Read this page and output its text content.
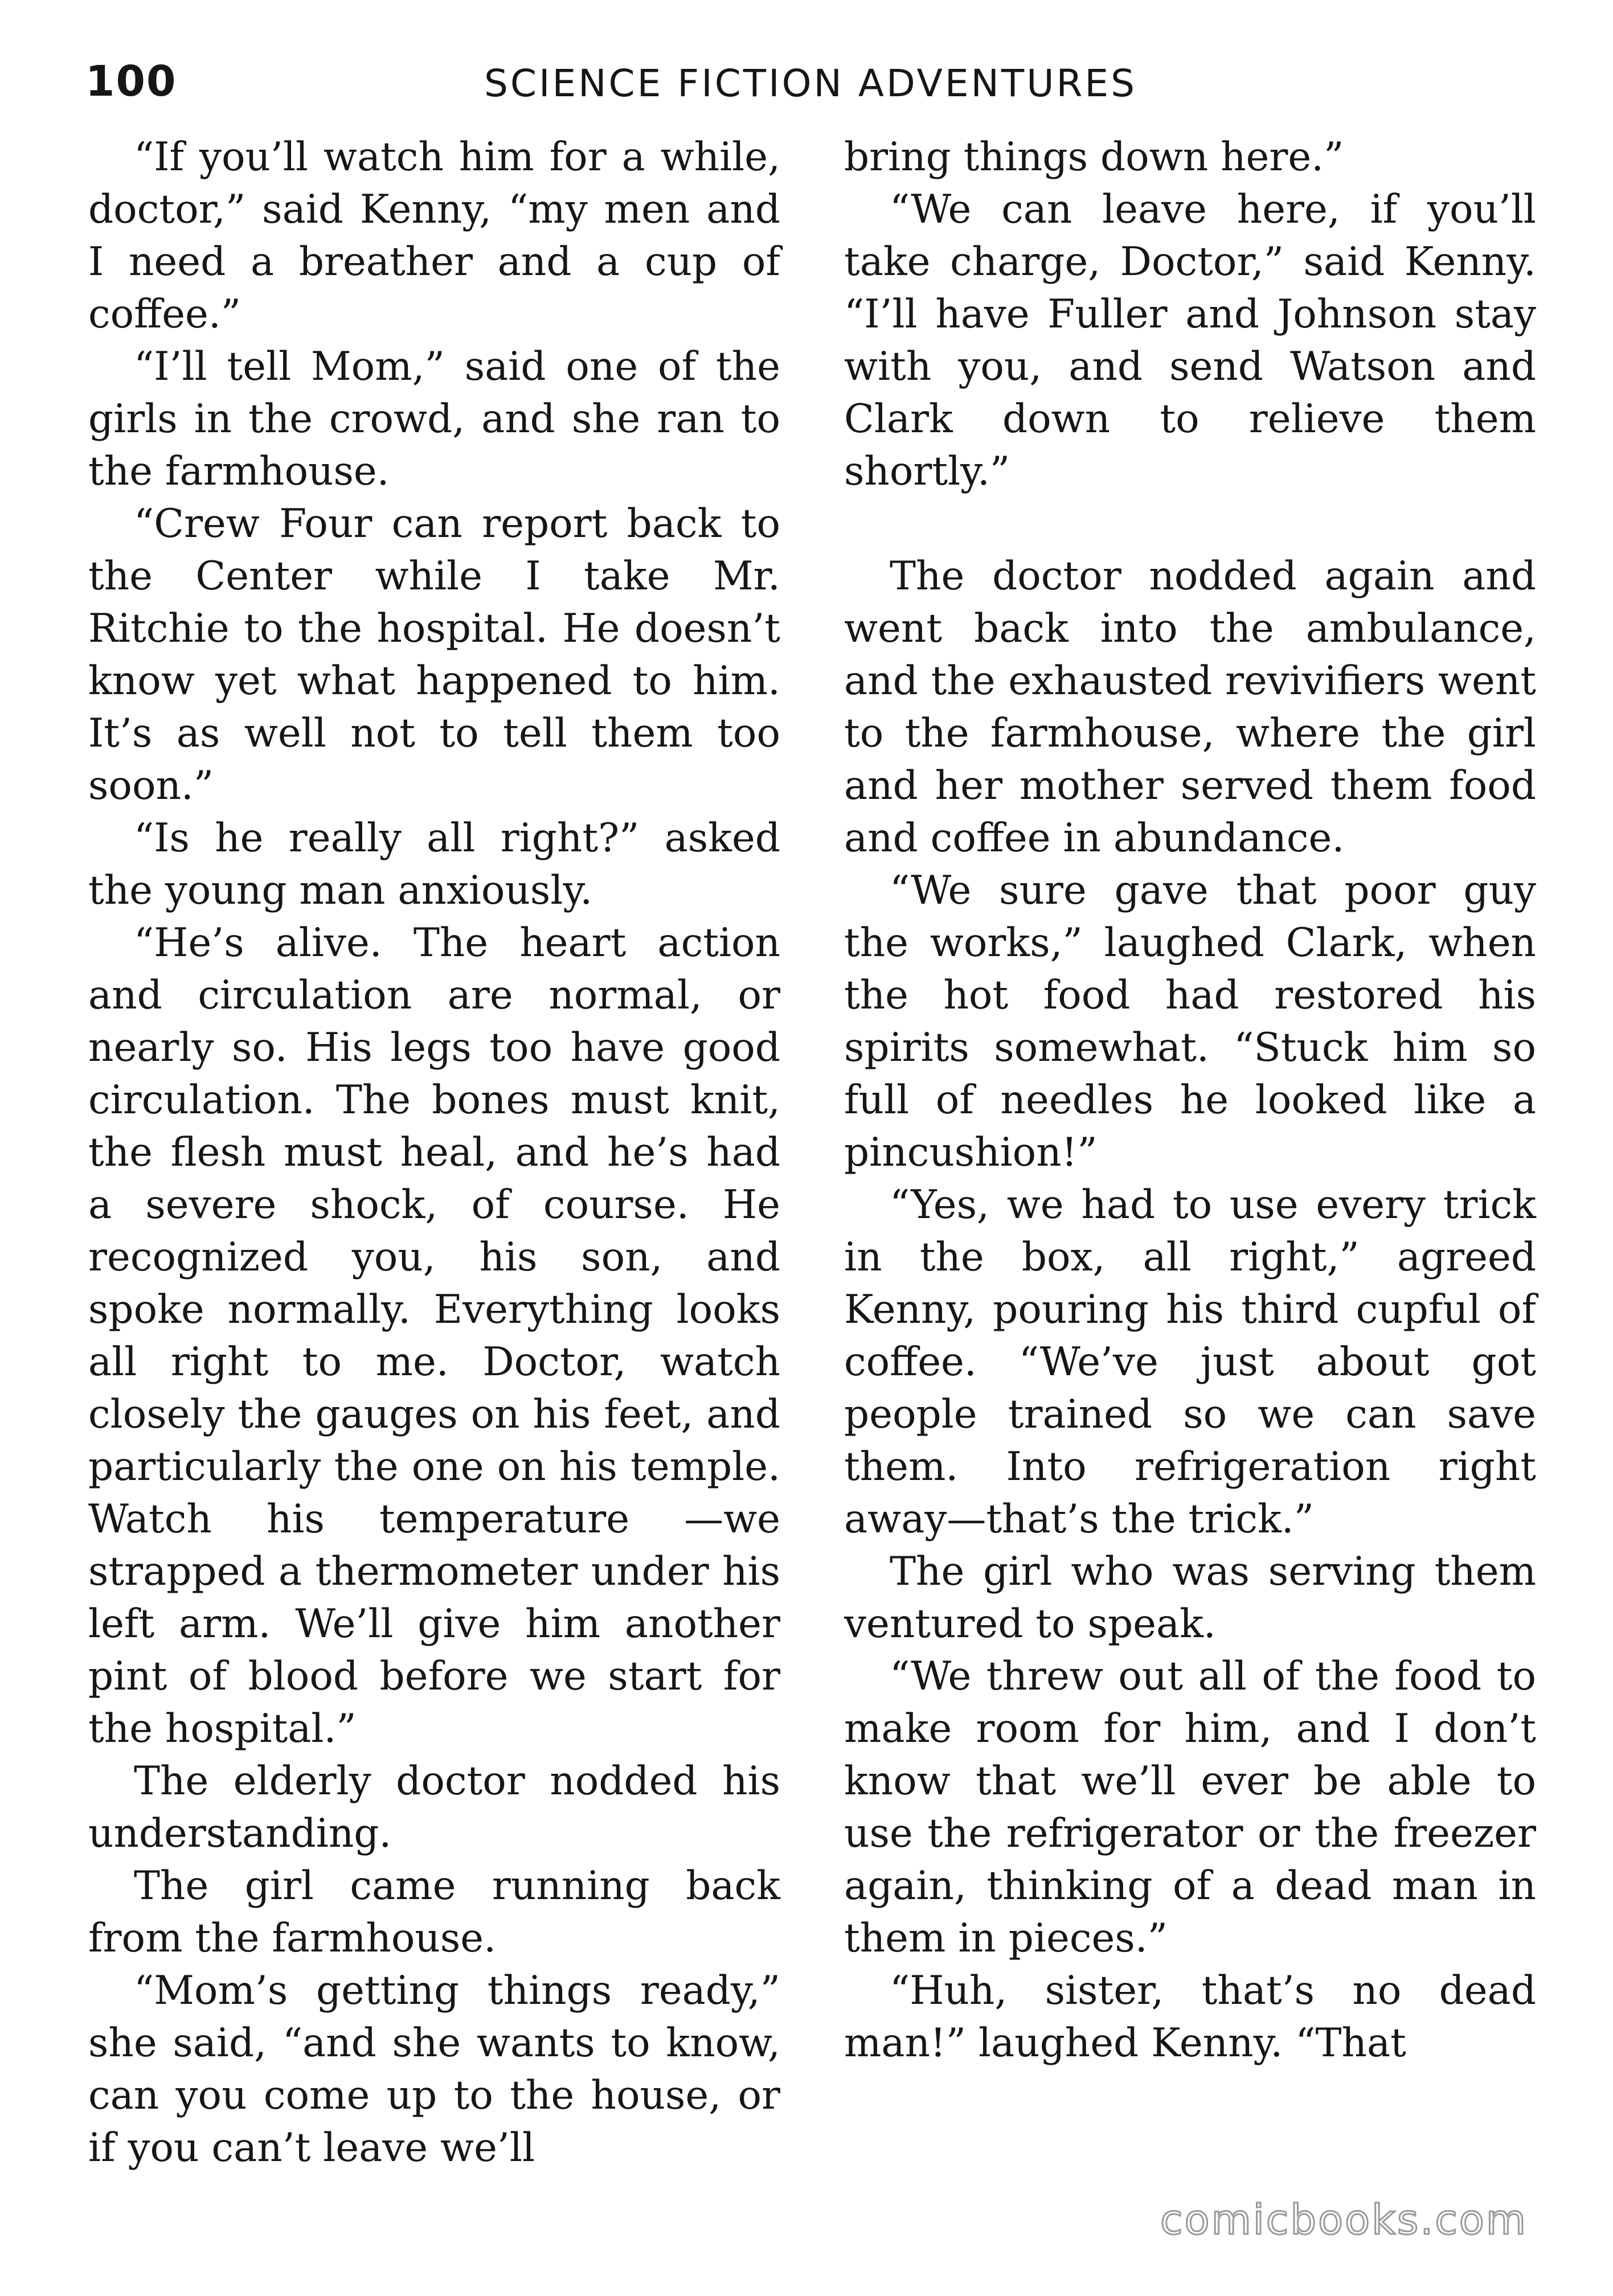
100	SCIENCE FICTION ADVENTURES

“If you’ll watch him for a while, doctor,” said Kenny, “my men and I need a breather and a cup of coffee.”

“I’ll tell Mom,” said one of the girls in the crowd, and she ran to the farmhouse.

“Crew Four can report back to the Center while I take Mr. Ritchie to the hospital. He doesn’t know yet what happened to him. It’s as well not to tell them too soon.”

“Is he really all right?” asked the young man anxiously.

“He’s alive. The heart action and circulation are normal, or nearly so. His legs too have good circulation. The bones must knit, the flesh must heal, and he’s had a severe shock, of course. He recognized you, his son, and spoke normally. Everything looks all right to me. Doctor, watch closely the gauges on his feet, and particularly the one on his temple. Watch his temperature —we strapped a thermometer under his left arm. We’ll give him another pint of blood before we start for the hospital.”

The elderly doctor nodded his understanding.

The girl came running back from the farmhouse.

“Mom’s getting things ready,” she said, “and she wants to know, can you come up to the house, or if you can’t leave we’ll

bring things down here.”

“We can leave here, if you’ll take charge, Doctor,” said Kenny. “I’ll have Fuller and Johnson stay with you, and send Watson and Clark down to relieve them shortly.”

The doctor nodded again and went back into the ambulance, and the exhausted revivifiers went to the farmhouse, where the girl and her mother served them food and coffee in abundance.

“We sure gave that poor guy the works,” laughed Clark, when the hot food had restored his spirits somewhat. “Stuck him so full of needles he looked like a pincushion!”

“Yes, we had to use every trick in the box, all right,” agreed Kenny, pouring his third cupful of coffee. “We’ve just about got people trained so we can save them. Into refrigeration right away—that’s the trick.”

The girl who was serving them ventured to speak.

“We threw out all of the food to make room for him, and I don’t know that we’ll ever be able to use the refrigerator or the freezer again, thinking of a dead man in them in pieces.”

“Huh, sister, that’s no dead man!” laughed Kenny. “That

comicbooks.com
